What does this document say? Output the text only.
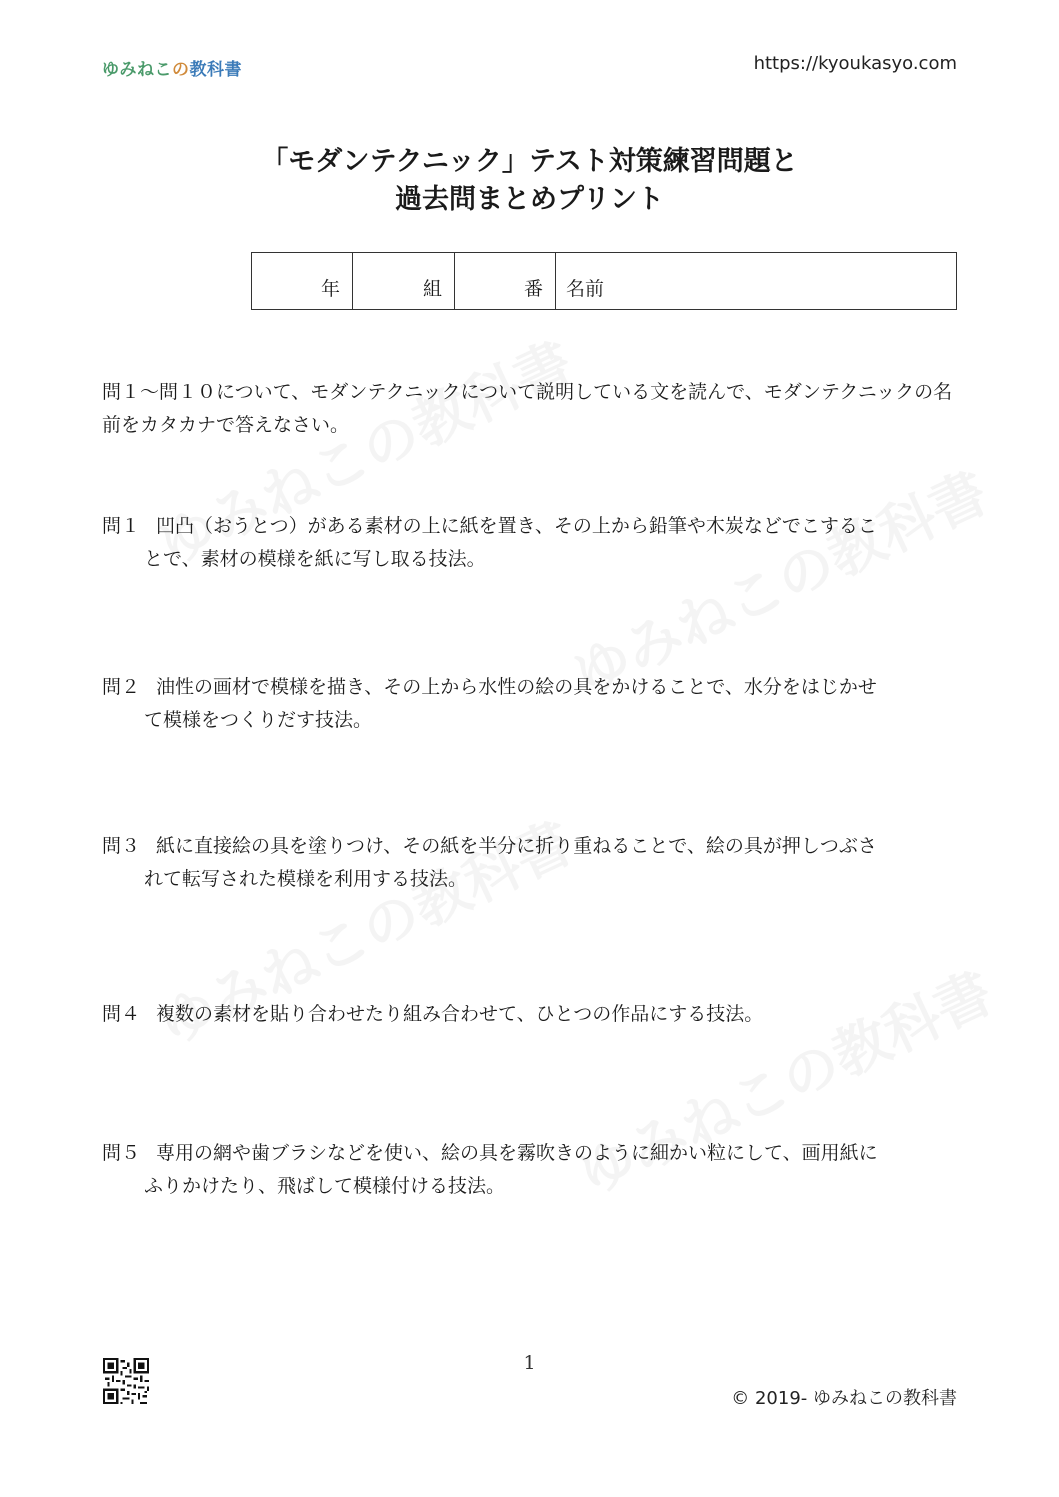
ゆみねこの教科書	https://kyoukasyo.com
「モダンテクニック」テスト対策練習問題と
過去問まとめプリント
年	組	番 名前
問１～問１０について、モダンテクニックについて説明している文を読んで、モダンテクニックの名前をカタカナで答えなさい。
問１ 凹凸（おうとつ）がある素材の上に紙を置き、その上から鉛筆や木炭などでこするこ
とで、素材の模様を紙に写し取る技法。
問２ 油性の画材で模様を描き、その上から水性の絵の具をかけることで、水分をはじかせ
て模様をつくりだす技法。
問３ 紙に直接絵の具を塗りつけ、その紙を半分に折り重ねることで、絵の具が押しつぶさ
れて転写された模様を利用する技法。
問４ 複数の素材を貼り合わせたり組み合わせて、ひとつの作品にする技法。
問５ 専用の網や歯ブラシなどを使い、絵の具を霧吹きのように細かい粒にして、画用紙に
ふりかけたり、飛ばして模様付ける技法。
1
© 2019- ゆみねこの教科書
